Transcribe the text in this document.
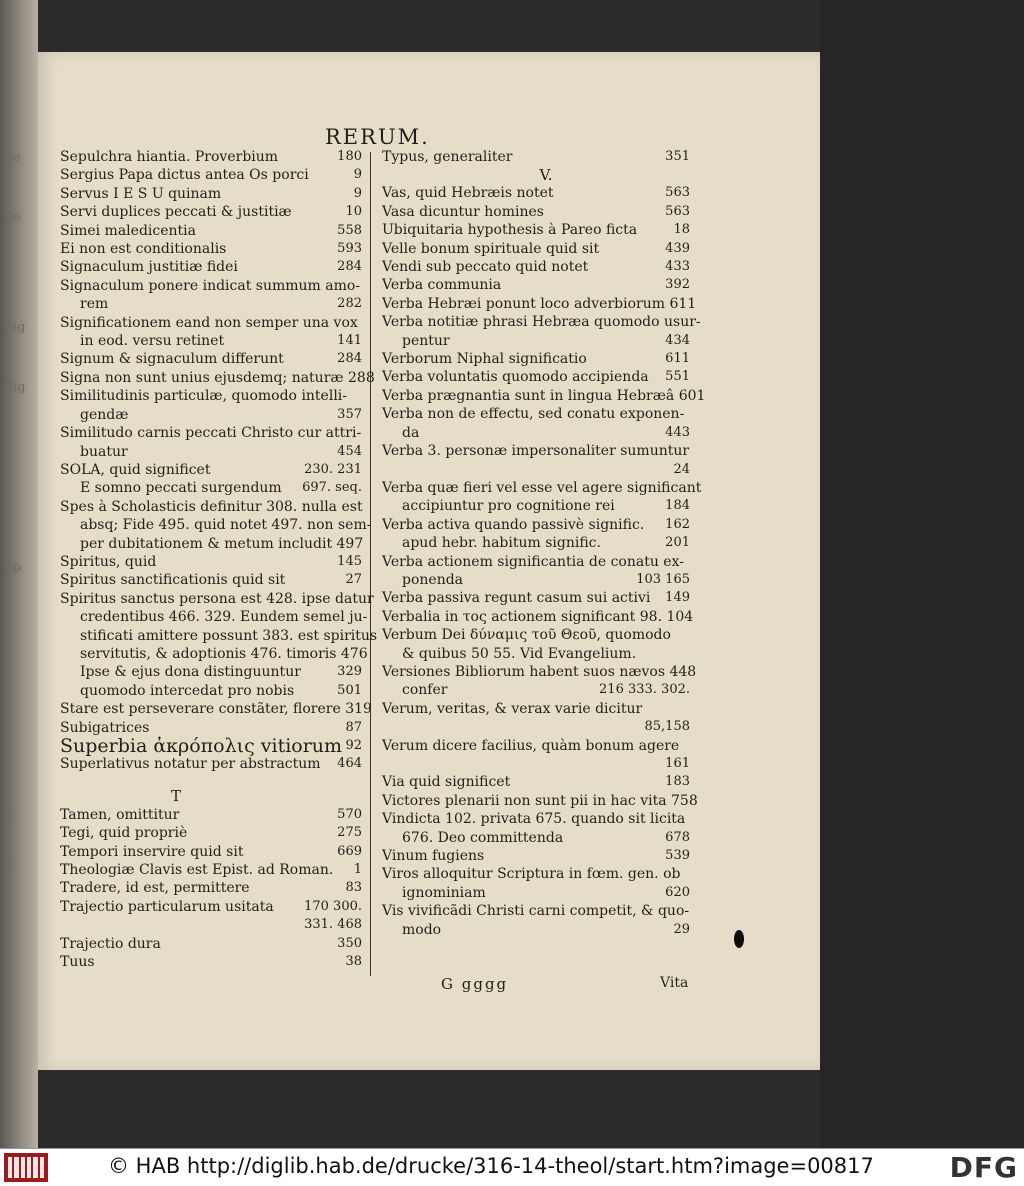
Se
Se
Sig
Sig
Sp
T
T
RERUM.
Sepulchra hiantia. Proverbium	180
Sergius Papa dictus antea Os porci	9
Servus I E S U quinam	9
Servi duplices peccati & justitiæ	10
Simei maledicentia	558
Ei non est conditionalis	593
Signaculum justitiæ fidei	284
Signaculum ponere indicat summum amo-
rem	282
Significationem eand non semper una vox
in eod. versu retinet	141
Signum & signaculum differunt	284
Signa non sunt unius ejusdemq; naturæ 288
Similitudinis particulæ, quomodo intelli-
gendæ	357
Similitudo carnis peccati Christo cur attri-
buatur	454
SOLA, quid significet	230. 231
E somno peccati surgendum	697. seq.
Spes à Scholasticis definitur 308. nulla est
absq; Fide 495. quid notet 497. non sem-
per dubitationem & metum includit 497
Spiritus, quid	145
Spiritus sanctificationis quid sit	27
Spiritus sanctus persona est 428. ipse datur
credentibus 466. 329. Eundem semel ju-
stificati amittere possunt 383. est spiritus
servitutis, & adoptionis 476. timoris 476
Ipse & ejus dona distinguuntur	329
quomodo intercedat pro nobis	501
Stare est perseverare constãter, florere 319
Subigatrices	87
Superbia ἀκρόπολις vitiorum 92
Superlativus notatur per abstractum	464
T
Tamen, omittitur	570
Tegi, quid propriè	275
Tempori inservire quid sit	669
Theologiæ Clavis est Epist. ad Roman.	1
Tradere, id est, permittere	83
Trajectio particularum usitata	170 300.

331. 468
Trajectio dura	350
Tuus	38
Typus, generaliter	351
V.
Vas, quid Hebræis notet	563
Vasa dicuntur homines	563
Ubiquitaria hypothesis à Pareo ficta	18
Velle bonum spirituale quid sit	439
Vendi sub peccato quid notet	433
Verba communia	392
Verba Hebræi ponunt loco adverbiorum 611
Verba notitiæ phrasi Hebræa quomodo usur-
pentur	434
Verborum Niphal significatio	611
Verba voluntatis quomodo accipienda	551
Verba prægnantia sunt in lingua Hebræâ 601
Verba non de effectu, sed conatu exponen-
da	443
Verba 3. personæ impersonaliter sumuntur

24
Verba quæ fieri vel esse vel agere significant
accipiuntur pro cognitione rei	184
Verba activa quando passivè signific.	162
apud hebr. habitum signific.	201
Verba actionem significantia de conatu ex-
ponenda	103 165
Verba passiva regunt casum sui activi	149
Verbalia in τος actionem significant 98. 104
Verbum Dei δύναμις τοῦ Θεοῦ, quomodo
& quibus 50 55. Vid Evangelium.
Versiones Bibliorum habent suos nævos 448
confer	216 333. 302.
Verum, veritas, & verax varie dicitur

85,158
Verum dicere facilius, quàm bonum agere

161
Via quid significet	183
Victores plenarii non sunt pii in hac vita 758
Vindicta 102. privata 675. quando sit licita
676. Deo committenda	678
Vinum fugiens	539
Viros alloquitur Scriptura in fœm. gen. ob
ignominiam	620
Vis vivificãdi Christi carni competit, & quo-
modo	29
G gggg	Vita
© HAB http://diglib.hab.de/drucke/316-14-theol/start.htm?image=00817	DFG
